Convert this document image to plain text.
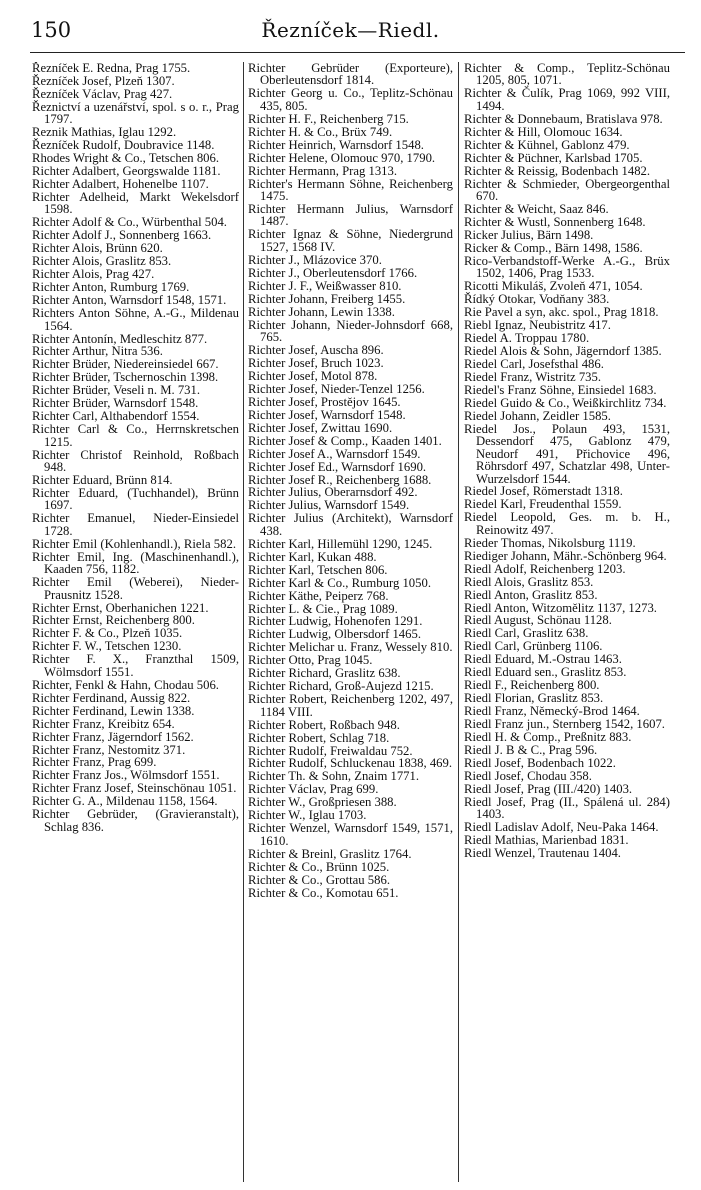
150	Řezníček—Riedl.
Řezníček E. Redna, Prag 1755.
Řezníček Josef, Plzeň 1307.
Řezníček Václav, Prag 427.
Řeznictví a uzenářství, spol. s o. r., Prag 1797.
Reznik Mathias, Iglau 1292.
Řezníček Rudolf, Doubravice 1148.
Rhodes Wright & Co., Tetschen 806.
Richter Adalbert, Georgswalde 1181.
Richter Adalbert, Hohenelbe 1107.
Richter Adelheid, Markt Wekelsdorf 1598.
Richter Adolf & Co., Würbenthal 504.
Richter Adolf J., Sonnenberg 1663.
Richter Alois, Brünn 620.
Richter Alois, Graslitz 853.
Richter Alois, Prag 427.
Richter Anton, Rumburg 1769.
Richter Anton, Warnsdorf 1548, 1571.
Richters Anton Söhne, A.-G., Mildenau 1564.
Richter Antonín, Medleschitz 877.
Richter Arthur, Nitra 536.
Richter Brüder, Niedereinsiedel 667.
Richter Brüder, Tschernoschin 1398.
Richter Brüder, Veseli n. M. 731.
Richter Brüder, Warnsdorf 1548.
Richter Carl, Althabendorf 1554.
Richter Carl & Co., Herrnskretschen 1215.
Richter Christof Reinhold, Roßbach 948.
Richter Eduard, Brünn 814.
Richter Eduard, (Tuchhandel), Brünn 1697.
Richter Emanuel, Nieder-Einsiedel 1728.
Richter Emil (Kohlenhandl.), Riela 582.
Richter Emil, Ing. (Maschinenhandl.), Kaaden 756, 1182.
Richter Emil (Weberei), Nieder-Prausnitz 1528.
Richter Ernst, Oberhanichen 1221.
Richter Ernst, Reichenberg 800.
Richter F. & Co., Plzeň 1035.
Richter F. W., Tetschen 1230.
Richter F. X., Franzthal 1509, Wölmsdorf 1551.
Richter, Fenkl & Hahn, Chodau 506.
Richter Ferdinand, Aussig 822.
Richter Ferdinand, Lewin 1338.
Richter Franz, Kreibitz 654.
Richter Franz, Jägerndorf 1562.
Richter Franz, Nestomitz 371.
Richter Franz, Prag 699.
Richter Franz Jos., Wölmsdorf 1551.
Richter Franz Josef, Steinschönau 1051.
Richter G. A., Mildenau 1158, 1564.
Richter Gebrüder, (Gravieranstalt), Schlag 836.
Richter Gebrüder (Exporteure), Oberleutensdorf 1814.
Richter Georg u. Co., Teplitz-Schönau 435, 805.
Richter H. F., Reichenberg 715.
Richter H. & Co., Brüx 749.
Richter Heinrich, Warnsdorf 1548.
Richter Helene, Olomouc 970, 1790.
Richter Hermann, Prag 1313.
Richter's Hermann Söhne, Reichenberg 1475.
Richter Hermann Julius, Warnsdorf 1487.
Richter Ignaz & Söhne, Niedergrund 1527, 1568 IV.
Richter J., Mlázovice 370.
Richter J., Oberleutensdorf 1766.
Richter J. F., Weißwasser 810.
Richter Johann, Freiberg 1455.
Richter Johann, Lewin 1338.
Richter Johann, Nieder-Johnsdorf 668, 765.
Richter Josef, Auscha 896.
Richter Josef, Bruch 1023.
Richter Josef, Motol 878.
Richter Josef, Nieder-Tenzel 1256.
Richter Josef, Prostějov 1645.
Richter Josef, Warnsdorf 1548.
Richter Josef, Zwittau 1690.
Richter Josef & Comp., Kaaden 1401.
Richter Josef A., Warnsdorf 1549.
Richter Josef Ed., Warnsdorf 1690.
Richter Josef R., Reichenberg 1688.
Richter Julius, Oberarnsdorf 492.
Richter Julius, Warnsdorf 1549.
Richter Julius (Architekt), Warnsdorf 438.
Richter Karl, Hillemühl 1290, 1245.
Richter Karl, Kukan 488.
Richter Karl, Tetschen 806.
Richter Karl & Co., Rumburg 1050.
Richter Käthe, Peiperz 768.
Richter L. & Cie., Prag 1089.
Richter Ludwig, Hohenofen 1291.
Richter Ludwig, Olbersdorf 1465.
Richter Melichar u. Franz, Wessely 810.
Richter Otto, Prag 1045.
Richter Richard, Graslitz 638.
Richter Richard, Groß-Aujezd 1215.
Richter Robert, Reichenberg 1202, 497, 1184 VIII.
Richter Robert, Roßbach 948.
Richter Robert, Schlag 718.
Richter Rudolf, Freiwaldau 752.
Richter Rudolf, Schluckenau 1838, 469.
Richter Th. & Sohn, Znaim 1771.
Richter Václav, Prag 699.
Richter W., Großpriesen 388.
Richter W., Iglau 1703.
Richter Wenzel, Warnsdorf 1549, 1571, 1610.
Richter & Breinl, Graslitz 1764.
Richter & Co., Brünn 1025.
Richter & Co., Grottau 586.
Richter & Co., Komotau 651.
Richter & Comp., Teplitz-Schönau 1205, 805, 1071.
Richter & Čulík, Prag 1069, 992 VIII, 1494.
Richter & Donnebaum, Bratislava 978.
Richter & Hill, Olomouc 1634.
Richter & Kühnel, Gablonz 479.
Richter & Püchner, Karlsbad 1705.
Richter & Reissig, Bodenbach 1482.
Richter & Schmieder, Obergeorgenthal 670.
Richter & Weicht, Saaz 846.
Richter & Wustl, Sonnenberg 1648.
Ricker Julius, Bärn 1498.
Ricker & Comp., Bärn 1498, 1586.
Rico-Verbandstoff-Werke A.-G., Brüx 1502, 1406, Prag 1533.
Ricotti Mikuláš, Zvoleň 471, 1054.
Řídký Otokar, Vodňany 383.
Rie Pavel a syn, akc. spol., Prag 1818.
Riebl Ignaz, Neubistritz 417.
Riedel A. Troppau 1780.
Riedel Alois & Sohn, Jägerndorf 1385.
Riedel Carl, Josefsthal 486.
Riedel Franz, Wistritz 735.
Riedel's Franz Söhne, Einsiedel 1683.
Riedel Guido & Co., Weißkirchlitz 734.
Riedel Johann, Zeidler 1585.
Riedel Jos., Polaun 493, 1531, Dessendorf 475, Gablonz 479, Neudorf 491, Přichovice 496, Röhrsdorf 497, Schatzlar 498, Unter-Wurzelsdorf 1544.
Riedel Josef, Römerstadt 1318.
Riedel Karl, Freudenthal 1559.
Riedel Leopold, Ges. m. b. H., Reinowitz 497.
Rieder Thomas, Nikolsburg 1119.
Riediger Johann, Mähr.-Schönberg 964.
Riedl Adolf, Reichenberg 1203.
Riedl Alois, Graslitz 853.
Riedl Anton, Graslitz 853.
Riedl Anton, Witzomělitz 1137, 1273.
Riedl August, Schönau 1128.
Riedl Carl, Graslitz 638.
Riedl Carl, Grünberg 1106.
Riedl Eduard, M.-Ostrau 1463.
Riedl Eduard sen., Graslitz 853.
Riedl F., Reichenberg 800.
Riedl Florian, Graslitz 853.
Riedl Franz, Německý-Brod 1464.
Riedl Franz jun., Sternberg 1542, 1607.
Riedl H. & Comp., Preßnitz 883.
Riedl J. B & C., Prag 596.
Riedl Josef, Bodenbach 1022.
Riedl Josef, Chodau 358.
Riedl Josef, Prag (III./420) 1403.
Riedl Josef, Prag (II., Spálená ul. 284) 1403.
Riedl Ladislav Adolf, Neu-Paka 1464.
Riedl Mathias, Marienbad 1831.
Riedl Wenzel, Trautenau 1404.
